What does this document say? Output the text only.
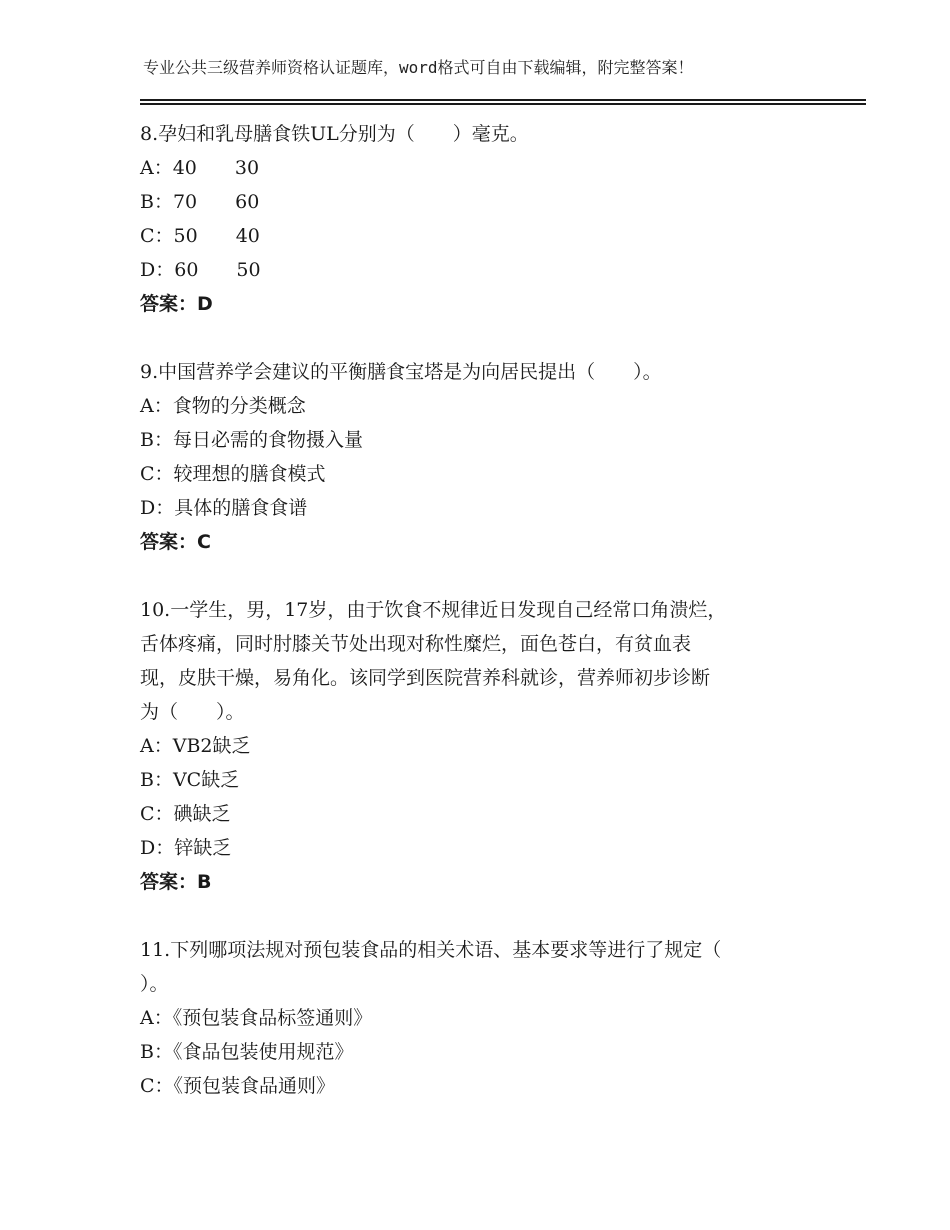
专业公共三级营养师资格认证题库，word格式可自由下载编辑，附完整答案！

8.孕妇和乳母膳食铁UL分别为（　　）毫克。

A：40　　30

B：70　　60

C：50　　40

D：60　　50

答案：D

9.中国营养学会建议的平衡膳食宝塔是为向居民提出（　　）。

A：食物的分类概念

B：每日必需的食物摄入量

C：较理想的膳食模式

D：具体的膳食食谱

答案：C

10.一学生，男，17岁，由于饮食不规律近日发现自己经常口角溃烂，

舌体疼痛，同时肘膝关节处出现对称性糜烂，面色苍白，有贫血表

现，皮肤干燥，易角化。该同学到医院营养科就诊，营养师初步诊断

为（　　）。

A：VB2缺乏

B：VC缺乏

C：碘缺乏

D：锌缺乏

答案：B

11.下列哪项法规对预包装食品的相关术语、基本要求等进行了规定（

）。

A：《预包装食品标签通则》

B：《食品包装使用规范》

C：《预包装食品通则》
